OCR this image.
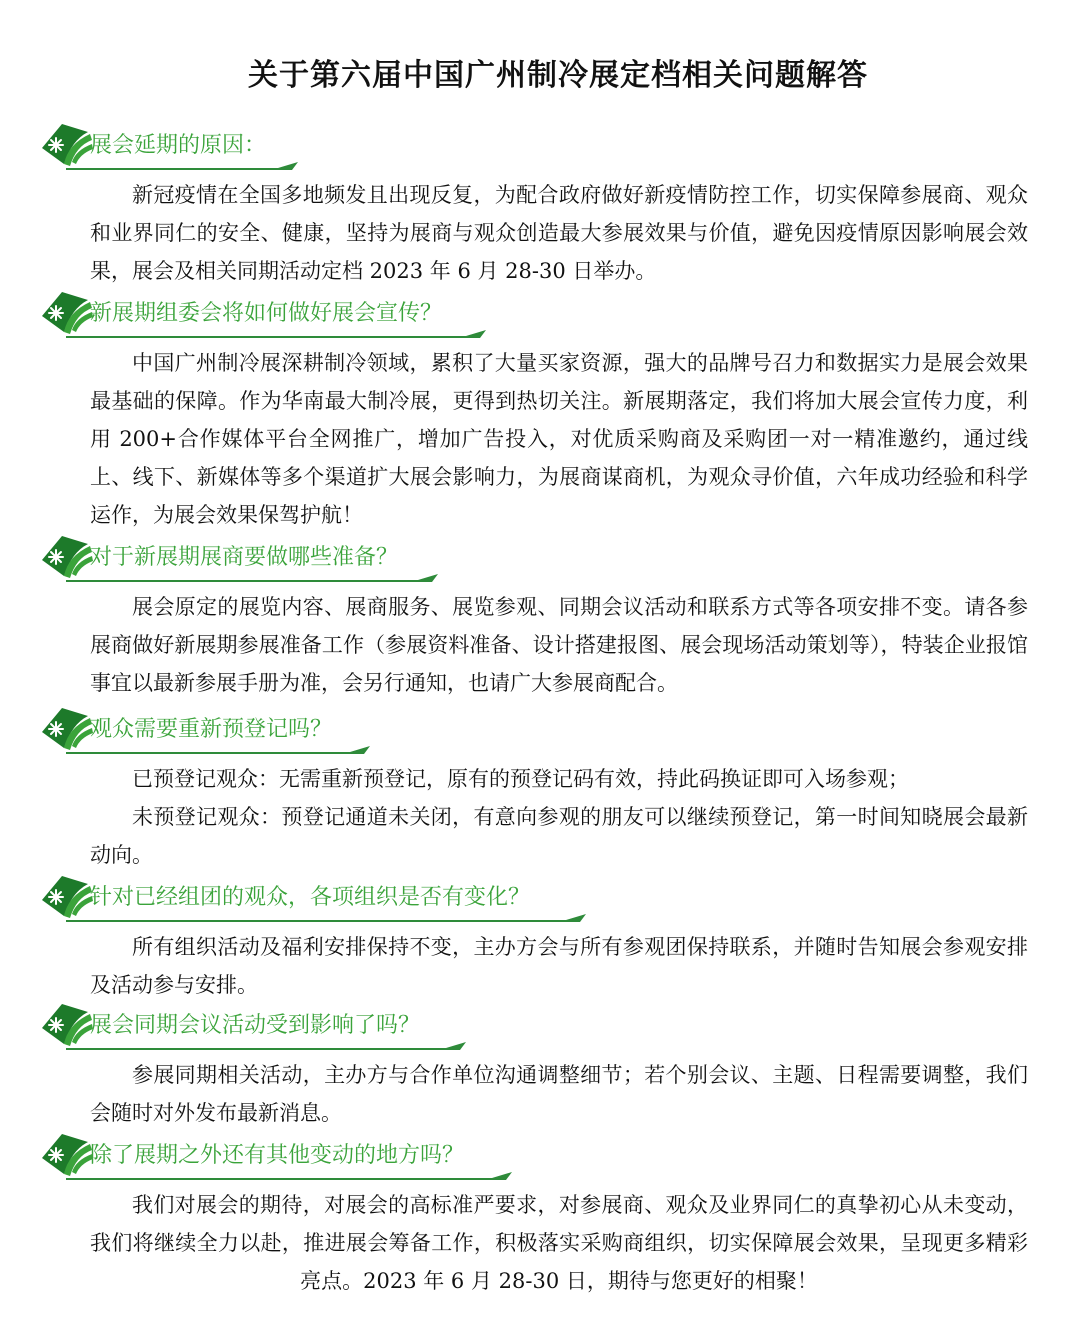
关于第六届中国广州制冷展定档相关问题解答
展会延期的原因：

新冠疫情在全国多地频发且出现反复，为配合政府做好新疫情防控工作，切实保障参展商、观众和业界同仁的安全、健康，坚持为展商与观众创造最大参展效果与价值，避免因疫情原因影响展会效果，展会及相关同期活动定档 2023 年 6 月 28-30 日举办。

新展期组委会将如何做好展会宣传？

中国广州制冷展深耕制冷领域，累积了大量买家资源，强大的品牌号召力和数据实力是展会效果最基础的保障。作为华南最大制冷展，更得到热切关注。新展期落定，我们将加大展会宣传力度，利用 200+合作媒体平台全网推广，增加广告投入，对优质采购商及采购团一对一精准邀约，通过线上、线下、新媒体等多个渠道扩大展会影响力，为展商谋商机，为观众寻价值，六年成功经验和科学运作，为展会效果保驾护航！

对于新展期展商要做哪些准备？

展会原定的展览内容、展商服务、展览参观、同期会议活动和联系方式等各项安排不变。请各参展商做好新展期参展准备工作（参展资料准备、设计搭建报图、展会现场活动策划等），特装企业报馆事宜以最新参展手册为准，会另行通知，也请广大参展商配合。

观众需要重新预登记吗？

已预登记观众：无需重新预登记，原有的预登记码有效，持此码换证即可入场参观；

未预登记观众：预登记通道未关闭，有意向参观的朋友可以继续预登记，第一时间知晓展会最新动向。

针对已经组团的观众，各项组织是否有变化？

所有组织活动及福利安排保持不变，主办方会与所有参观团保持联系，并随时告知展会参观安排及活动参与安排。

展会同期会议活动受到影响了吗？

参展同期相关活动，主办方与合作单位沟通调整细节；若个别会议、主题、日程需要调整，我们会随时对外发布最新消息。

除了展期之外还有其他变动的地方吗？

我们对展会的期待，对展会的高标准严要求，对参展商、观众及业界同仁的真挚初心从未变动，我们将继续全力以赴，推进展会筹备工作，积极落实采购商组织，切实保障展会效果，呈现更多精彩亮点。2023 年 6 月 28-30 日，期待与您更好的相聚！
